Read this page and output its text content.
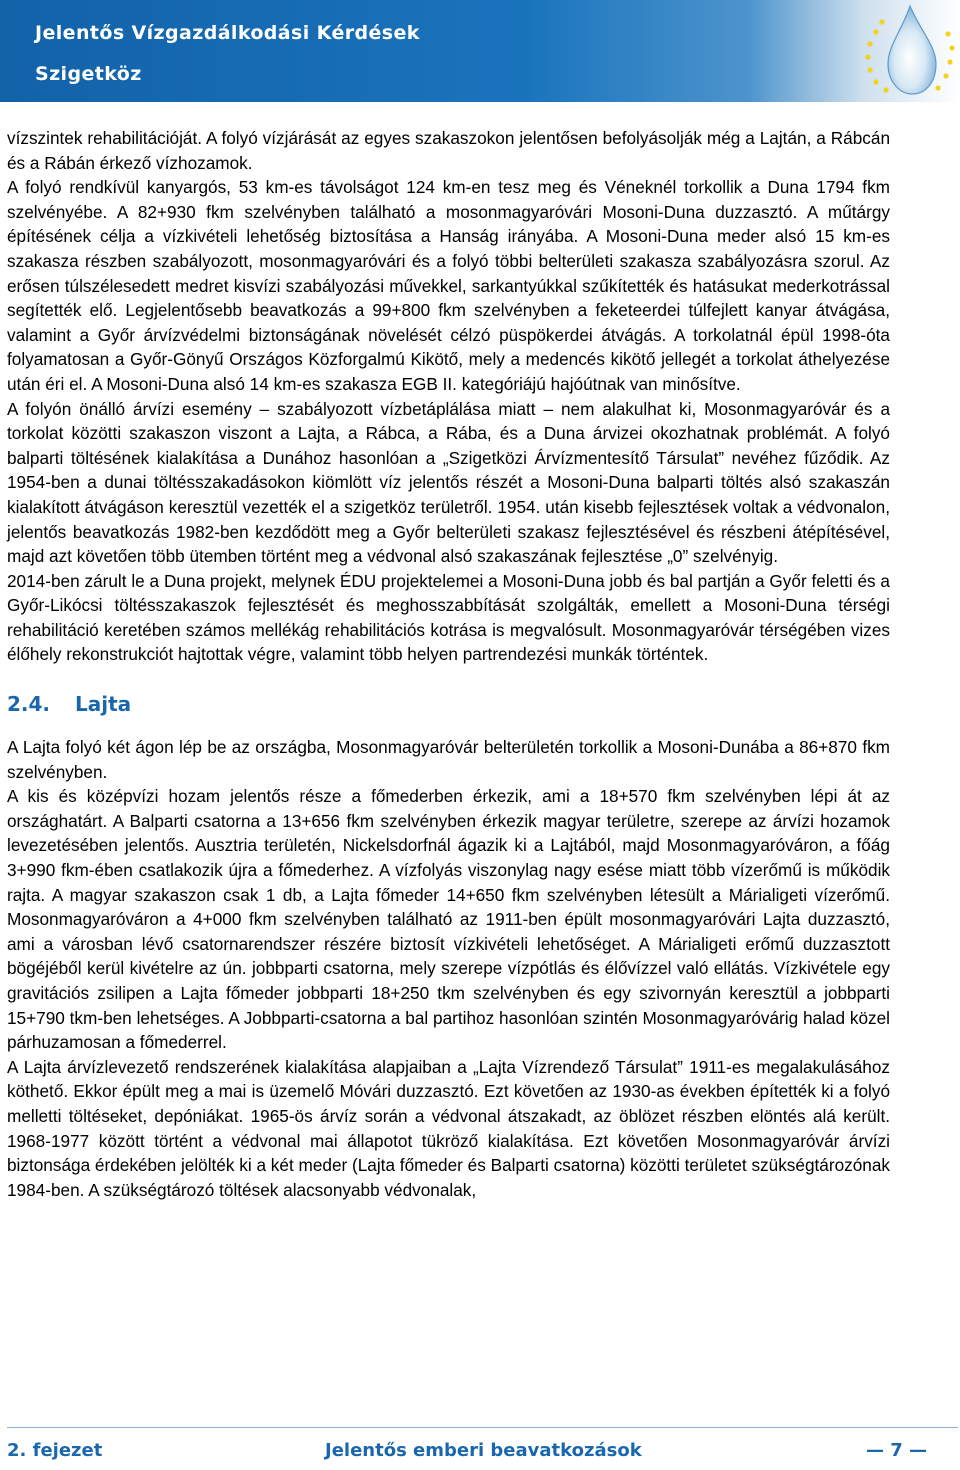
Jelentős Vízgazdálkodási Kérdések
Szigetköz

vízszintek rehabilitációját. A folyó vízjárását az egyes szakaszokon jelentősen befolyásolják még a Lajtán, a Rábcán és a Rábán érkező vízhozamok.

A folyó rendkívül kanyargós, 53 km-es távolságot 124 km-en tesz meg és Véneknél torkollik a Duna 1794 fkm szelvényébe. A 82+930 fkm szelvényben található a mosonmagyaróvári Mosoni-Duna duzzasztó. A műtárgy építésének célja a vízkivételi lehetőség biztosítása a Hanság irányába. A Mosoni-Duna meder alsó 15 km-es szakasza részben szabályozott, mosonmagyaróvári és a folyó többi belterületi szakasza szabályozásra szorul. Az erősen túlszélesedett medret kisvízi szabályozási művekkel, sarkantyúkkal szűkítették és hatásukat mederkotrással segítették elő. Legjelentősebb beavatkozás a 99+800 fkm szelvényben a feketeerdei túlfejlett kanyar átvágása, valamint a Győr árvízvédelmi biztonságának növelését célzó püspökerdei átvágás. A torkolatnál épül 1998-óta folyamatosan a Győr-Gönyű Országos Közforgalmú Kikötő, mely a medencés kikötő jellegét a torkolat áthelyezése után éri el. A Mosoni-Duna alsó 14 km-es szakasza EGB II. kategóriájú hajóútnak van minősítve.

A folyón önálló árvízi esemény – szabályozott vízbetáplálása miatt – nem alakulhat ki, Mosonmagyaróvár és a torkolat közötti szakaszon viszont a Lajta, a Rábca, a Rába, és a Duna árvizei okozhatnak problémát. A folyó balparti töltésének kialakítása a Dunához hasonlóan a „Szigetközi Árvízmentesítő Társulat” nevéhez fűződik. Az 1954-ben a dunai töltésszakadásokon kiömlött víz jelentős részét a Mosoni-Duna balparti töltés alsó szakaszán kialakított átvágáson keresztül vezették el a szigetköz területről. 1954. után kisebb fejlesztések voltak a védvonalon, jelentős beavatkozás 1982-ben kezdődött meg a Győr belterületi szakasz fejlesztésével és részbeni átépítésével, majd azt követően több ütemben történt meg a védvonal alsó szakaszának fejlesztése „0” szelvényig.

2014-ben zárult le a Duna projekt, melynek ÉDU projektelemei a Mosoni-Duna jobb és bal partján a Győr feletti és a Győr-Likócsi töltésszakaszok fejlesztését és meghosszabbítását szolgálták, emellett a Mosoni-Duna térségi rehabilitáció keretében számos mellékág rehabilitációs kotrása is megvalósult. Mosonmagyaróvár térségében vizes élőhely rekonstrukciót hajtottak végre, valamint több helyen partrendezési munkák történtek.

2.4. Lajta

A Lajta folyó két ágon lép be az országba, Mosonmagyaróvár belterületén torkollik a Mosoni-Dunába a 86+870 fkm szelvényben.

A kis és középvízi hozam jelentős része a főmederben érkezik, ami a 18+570 fkm szelvényben lépi át az országhatárt. A Balparti csatorna a 13+656 fkm szelvényben érkezik magyar területre, szerepe az árvízi hozamok levezetésében jelentős. Ausztria területén, Nickelsdorfnál ágazik ki a Lajtából, majd Mosonmagyaróváron, a főág 3+990 fkm-ében csatlakozik újra a főmederhez. A vízfolyás viszonylag nagy esése miatt több vízerőmű is működik rajta. A magyar szakaszon csak 1 db, a Lajta főmeder 14+650 fkm szelvényben létesült a Márialigeti vízerőmű. Mosonmagyaróváron a 4+000 fkm szelvényben található az 1911-ben épült mosonmagyaróvári Lajta duzzasztó, ami a városban lévő csatornarendszer részére biztosít vízkivételi lehetőséget. A Márialigeti erőmű duzzasztott bögéjéből kerül kivételre az ún. jobbparti csatorna, mely szerepe vízpótlás és élővízzel való ellátás. Vízkivétele egy gravitációs zsilipen a Lajta főmeder jobbparti 18+250 tkm szelvényben és egy szivornyán keresztül a jobbparti 15+790 tkm-ben lehetséges. A Jobbparti-csatorna a bal partihoz hasonlóan szintén Mosonmagyaróvárig halad közel párhuzamosan a főmederrel.

A Lajta árvízlevezető rendszerének kialakítása alapjaiban a „Lajta Vízrendező Társulat” 1911-es megalakulásához köthető. Ekkor épült meg a mai is üzemelő Móvári duzzasztó. Ezt követően az 1930-as években építették ki a folyó melletti töltéseket, depóniákat. 1965-ös árvíz során a védvonal átszakadt, az öblözet részben elöntés alá került. 1968-1977 között történt a védvonal mai állapotot tükröző kialakítása. Ezt követően Mosonmagyaróvár árvízi biztonsága érdekében jelölték ki a két meder (Lajta főmeder és Balparti csatorna) közötti területet szükségtározónak 1984-ben. A szükségtározó töltések alacsonyabb védvonalak,

2. fejezet	Jelentős emberi beavatkozások	— 7 —
